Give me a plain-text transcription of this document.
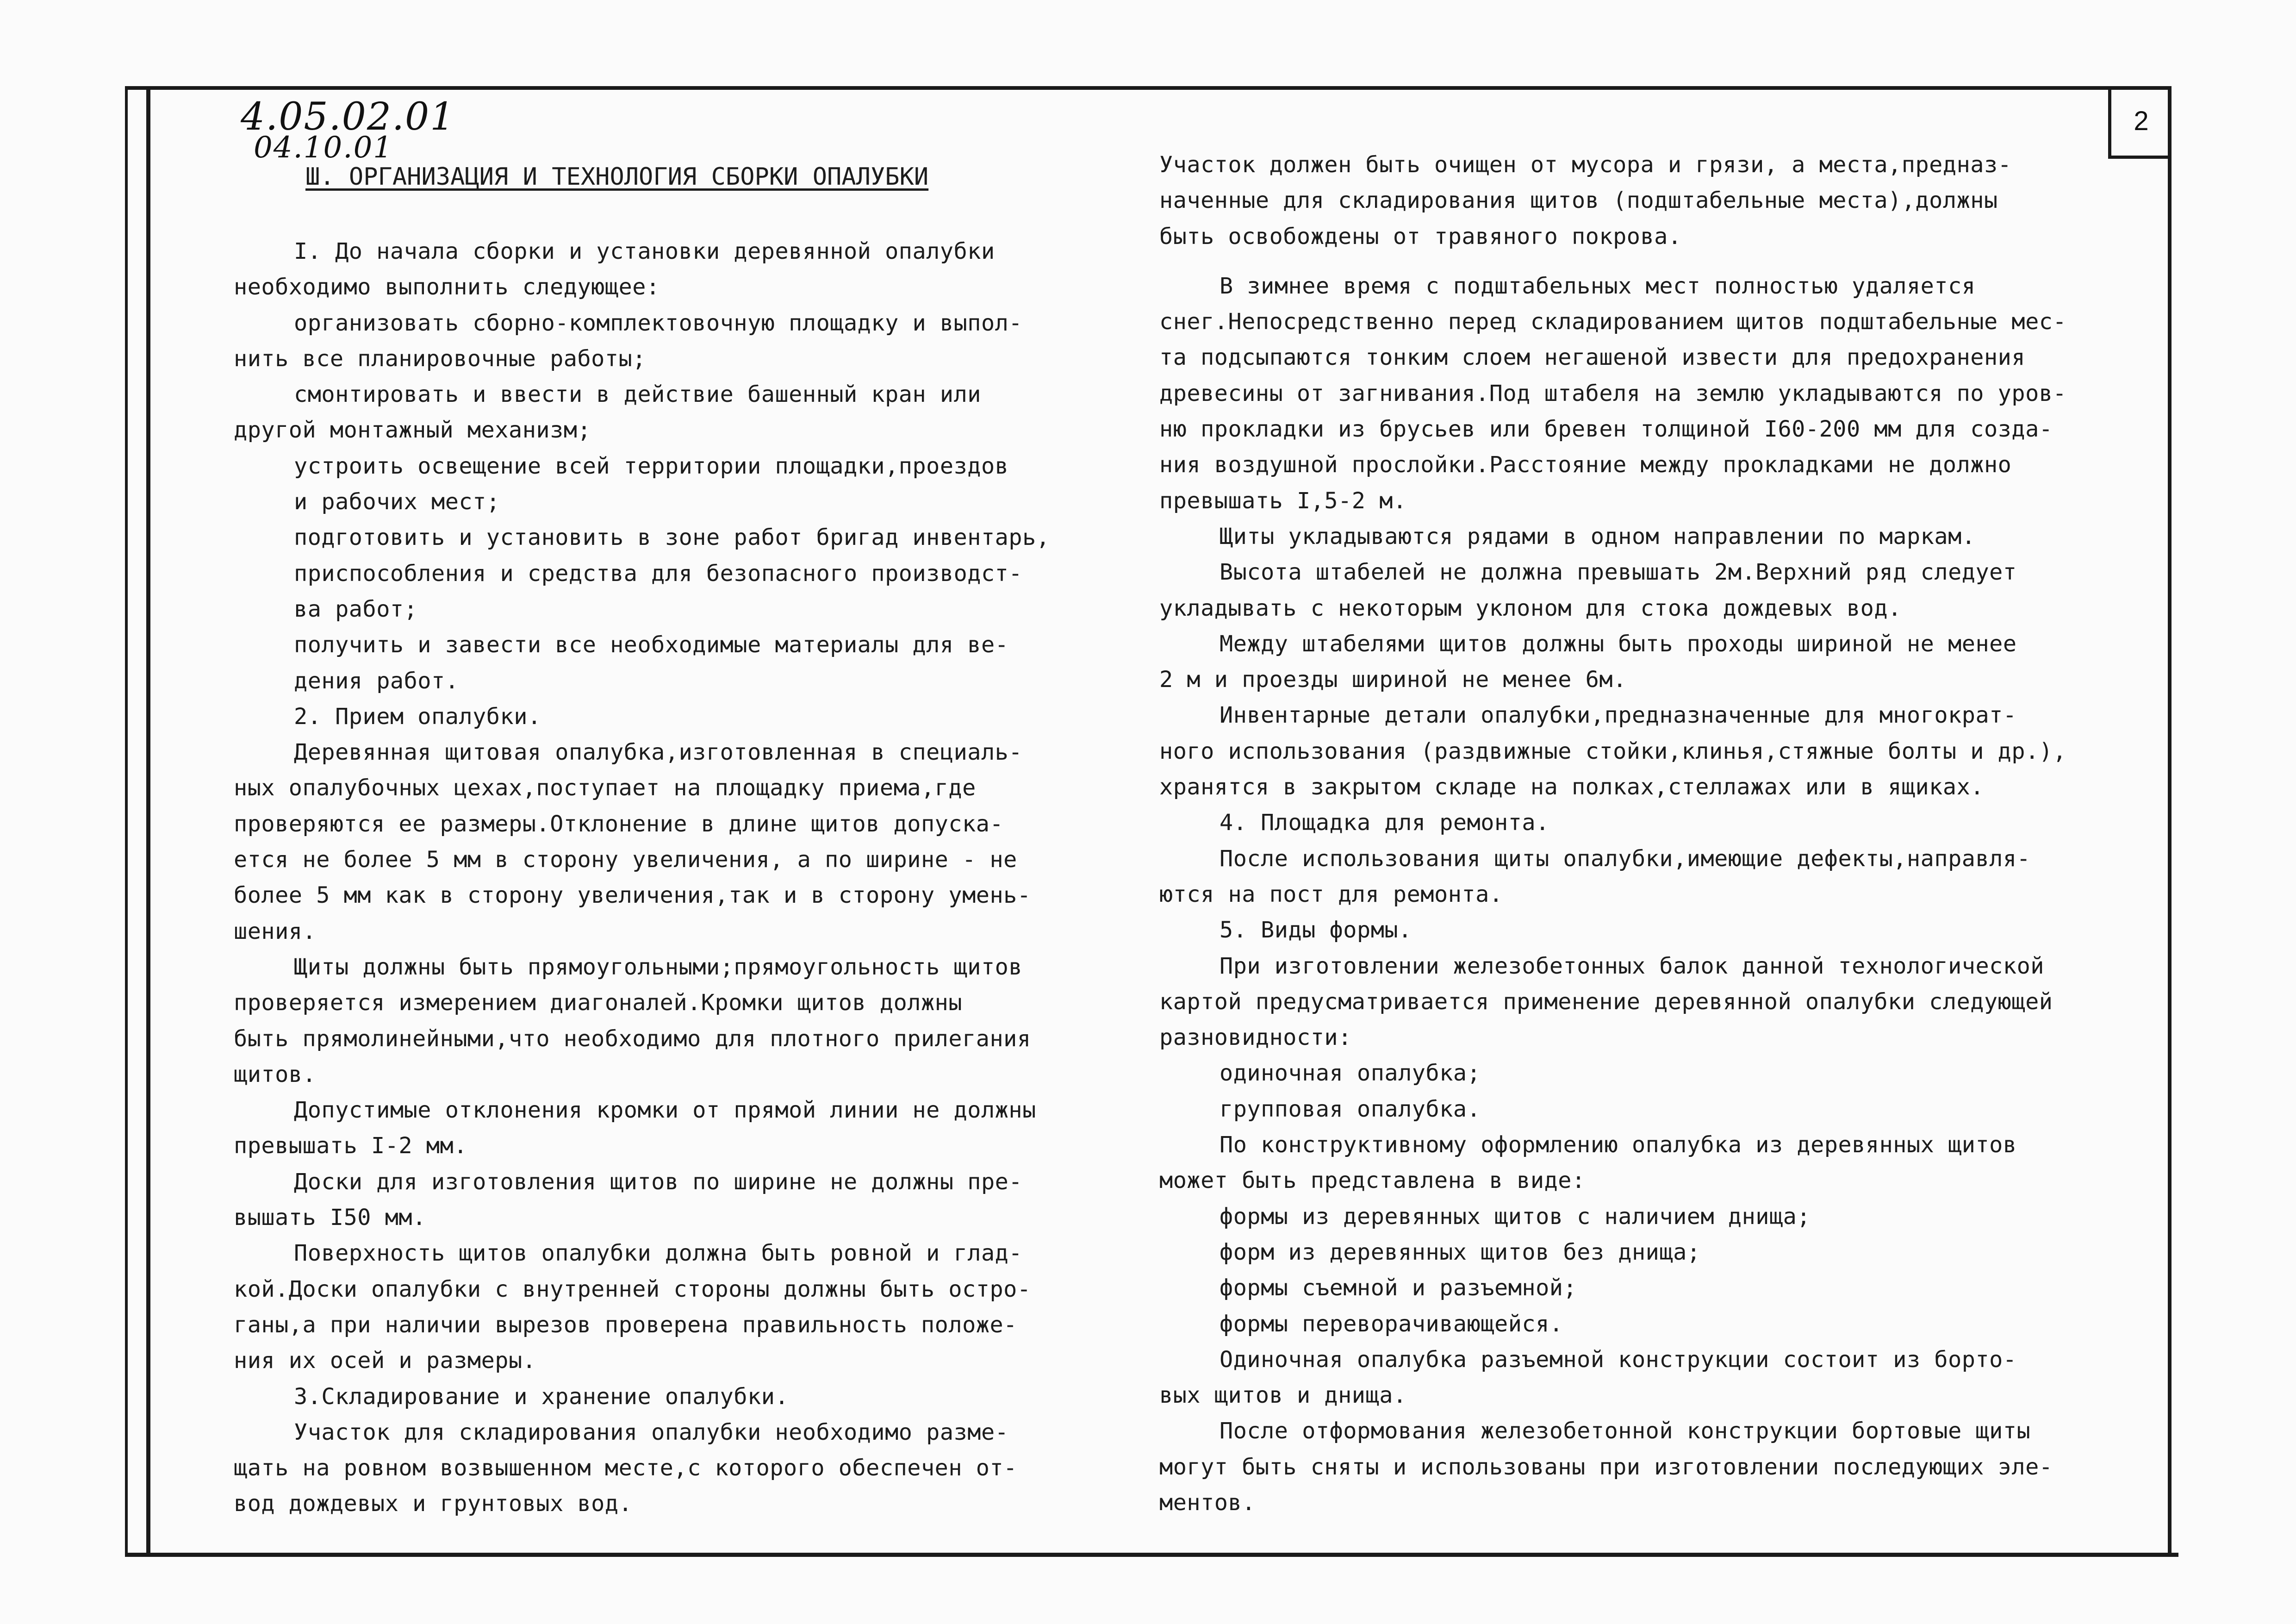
2
4.05.02.01
04.10.01
Ш. ОРГАНИЗАЦИЯ И ТЕХНОЛОГИЯ СБОРКИ ОПАЛУБКИ
I. До начала сборки и установки деревянной опалубки
необходимо выполнить следующее:
организовать сборно-комплектовочную площадку и выпол-
нить все планировочные работы;
смонтировать и ввести в действие башенный кран или
другой монтажный механизм;
устроить освещение всей территории площадки,проездов
и рабочих мест;
подготовить и установить в зоне работ бригад инвентарь,
приспособления и средства для безопасного производст-
ва работ;
получить и завести все необходимые материалы для ве-
дения работ.
2. Прием опалубки.
Деревянная щитовая опалубка,изготовленная в специаль-
ных опалубочных цехах,поступает на площадку приема,где
проверяются ее размеры.Отклонение в длине щитов допуска-
ется не более 5 мм в сторону увеличения, а по ширине - не
более 5 мм как в сторону увеличения,так и в сторону умень-
шения.
Щиты должны быть прямоугольными;прямоугольность щитов
проверяется измерением диагоналей.Кромки щитов должны
быть прямолинейными,что необходимо для плотного прилегания
щитов.
Допустимые отклонения кромки от прямой линии не должны
превышать I-2 мм.
Доски для изготовления щитов по ширине не должны пре-
вышать I50 мм.
Поверхность щитов опалубки должна быть ровной и глад-
кой.Доски опалубки с внутренней стороны должны быть остро-
ганы,а при наличии вырезов проверена правильность положе-
ния их осей и размеры.
3.Складирование и хранение опалубки.
Участок для складирования опалубки необходимо разме-
щать на ровном возвышенном месте,с которого обеспечен от-
вод дождевых и грунтовых вод.
Участок должен быть очищен от мусора и грязи, а места,предназ-
наченные для складирования щитов (подштабельные места),должны
быть освобождены от травяного покрова.
В зимнее время с подштабельных мест полностью удаляется
снег.Непосредственно перед складированием щитов подштабельные мес-
та подсыпаются тонким слоем негашеной извести для предохранения
древесины от загнивания.Под штабеля на землю укладываются по уров-
ню прокладки из брусьев или бревен толщиной I60-200 мм для созда-
ния воздушной прослойки.Расстояние между прокладками не должно
превышать I,5-2 м.
Щиты укладываются рядами в одном направлении по маркам.
Высота штабелей не должна превышать 2м.Верхний ряд следует
укладывать с некоторым уклоном для стока дождевых вод.
Между штабелями щитов должны быть проходы шириной не менее
2 м и проезды шириной не менее 6м.
Инвентарные детали опалубки,предназначенные для многократ-
ного использования (раздвижные стойки,клинья,стяжные болты и др.),
хранятся в закрытом складе на полках,стеллажах или в ящиках.
4. Площадка для ремонта.
После использования щиты опалубки,имеющие дефекты,направля-
ются на пост для ремонта.
5. Виды формы.
При изготовлении железобетонных балок данной технологической
картой предусматривается применение деревянной опалубки следующей
разновидности:
одиночная опалубка;
групповая опалубка.
По конструктивному оформлению опалубка из деревянных щитов
может быть представлена в виде:
формы из деревянных щитов с наличием днища;
форм из деревянных щитов без днища;
формы съемной и разъемной;
формы переворачивающейся.
Одиночная опалубка разъемной конструкции состоит из борто-
вых щитов и днища.
После отформования железобетонной конструкции бортовые щиты
могут быть сняты и использованы при изготовлении последующих эле-
ментов.
